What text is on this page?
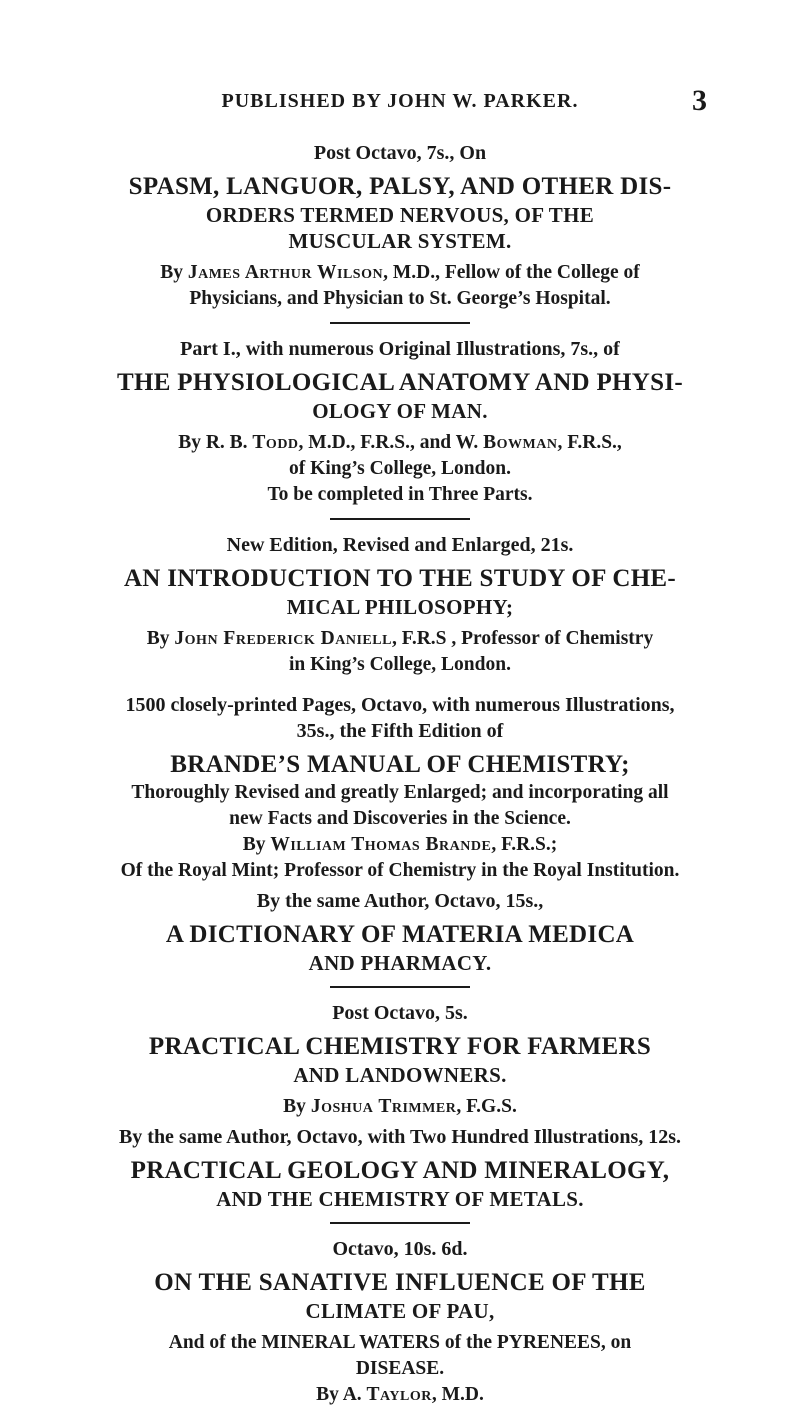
PUBLISHED BY JOHN W. PARKER.	3
Post Octavo, 7s., On
SPASM, LANGUOR, PALSY, AND OTHER DIS-
ORDERS TERMED NERVOUS, OF THE
MUSCULAR SYSTEM.
By James Arthur Wilson, M.D., Fellow of the College of
Physicians, and Physician to St. George’s Hospital.
Part I., with numerous Original Illustrations, 7s., of
THE PHYSIOLOGICAL ANATOMY AND PHYSI-
OLOGY OF MAN.
By R. B. Todd, M.D., F.R.S., and W. Bowman, F.R.S.,
of King’s College, London.
To be completed in Three Parts.
New Edition, Revised and Enlarged, 21s.
AN INTRODUCTION TO THE STUDY OF CHE-
MICAL PHILOSOPHY;
By John Frederick Daniell, F.R.S , Professor of Chemistry
in King’s College, London.
1500 closely-printed Pages, Octavo, with numerous Illustrations,
35s., the Fifth Edition of
BRANDE’S MANUAL OF CHEMISTRY;
Thoroughly Revised and greatly Enlarged; and incorporating all
new Facts and Discoveries in the Science.
By William Thomas Brande, F.R.S.;
Of the Royal Mint; Professor of Chemistry in the Royal Institution.
By the same Author, Octavo, 15s.,
A DICTIONARY OF MATERIA MEDICA
AND PHARMACY.
Post Octavo, 5s.
PRACTICAL CHEMISTRY FOR FARMERS
AND LANDOWNERS.
By Joshua Trimmer, F.G.S.
By the same Author, Octavo, with Two Hundred Illustrations, 12s.
PRACTICAL GEOLOGY AND MINERALOGY,
AND THE CHEMISTRY OF METALS.
Octavo, 10s. 6d.
ON THE SANATIVE INFLUENCE OF THE
CLIMATE OF PAU,
And of the MINERAL WATERS of the PYRENEES, on
DISEASE.
By A. Taylor, M.D.
